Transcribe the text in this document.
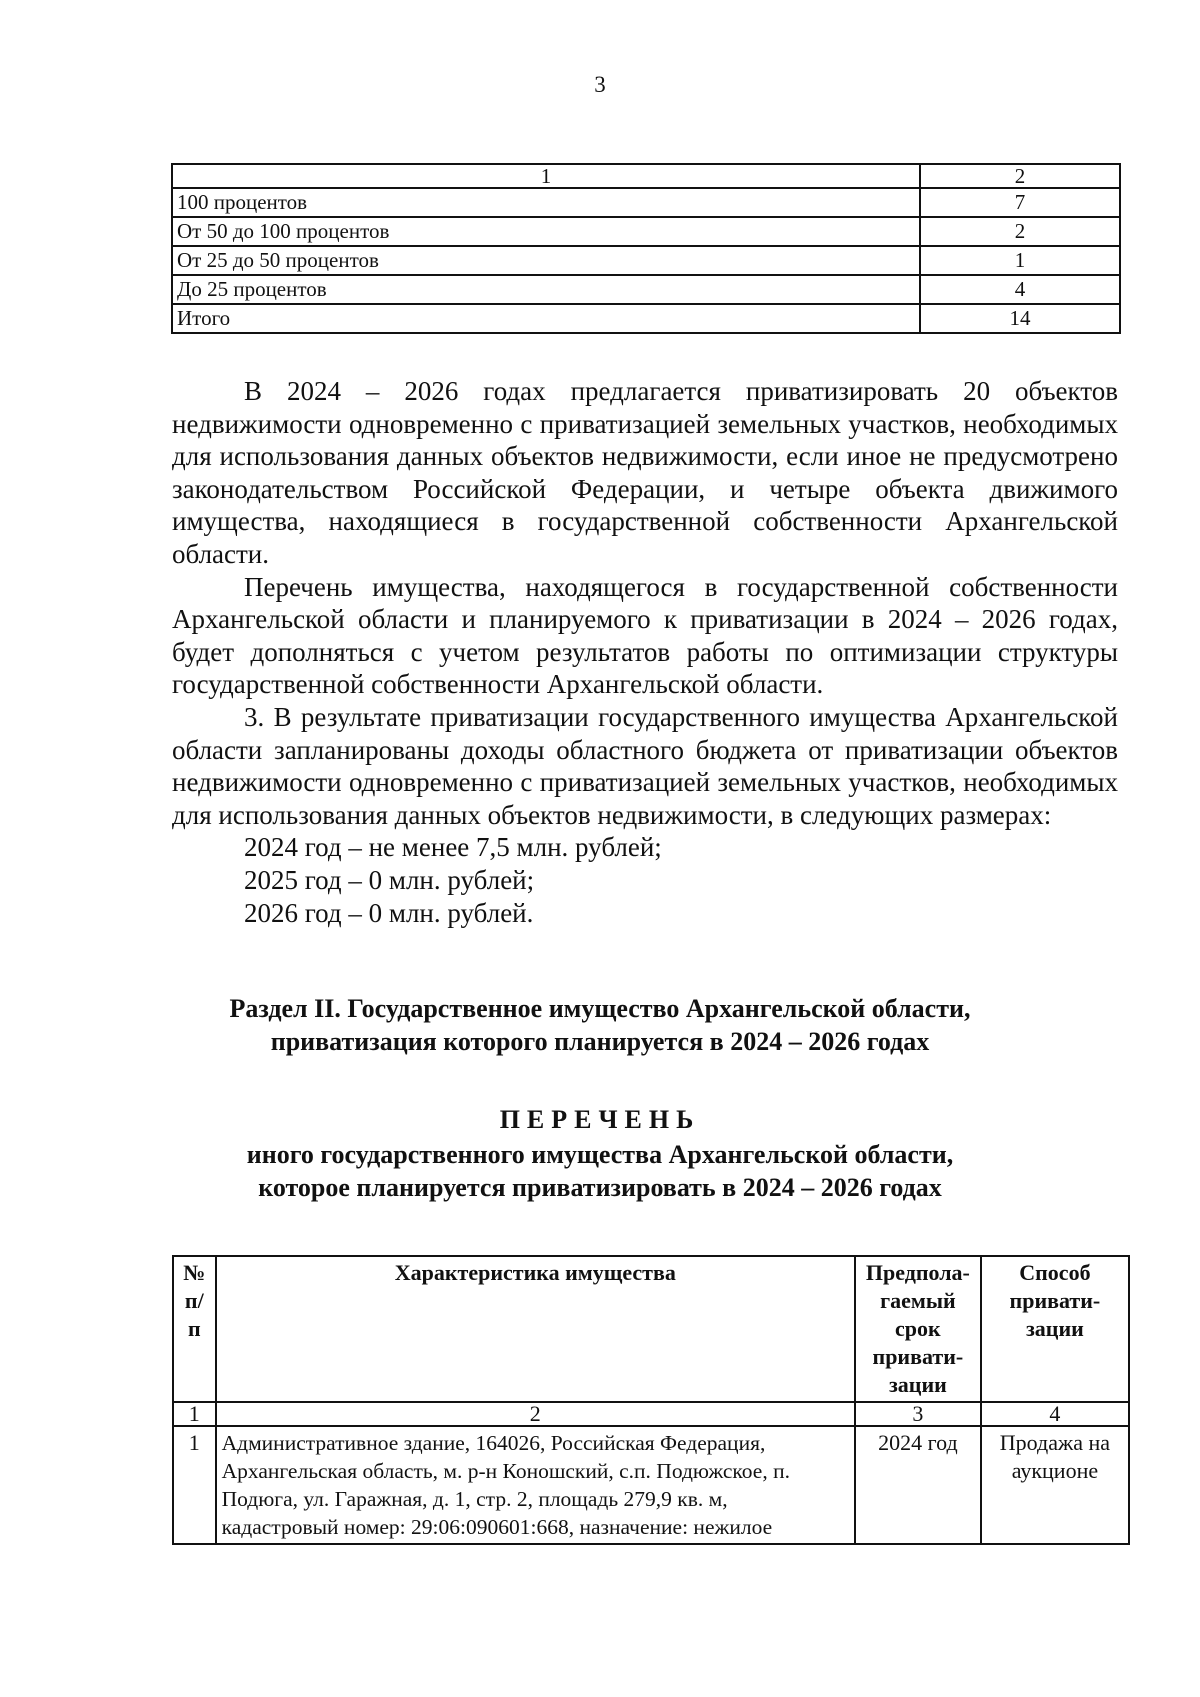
3
1	2
100 процентов	7
От 50 до 100 процентов	2
От 25 до 50 процентов	1
До 25 процентов	4
Итого	14

В 2024 – 2026 годах предлагается приватизировать 20 объектов недвижимости одновременно с приватизацией земельных участков, необходимых для использования данных объектов недвижимости, если иное не предусмотрено законодательством Российской Федерации, и четыре объекта движимого имущества, находящиеся в государственной собственности Архангельской области.

Перечень имущества, находящегося в государственной собственности Архангельской области и планируемого к приватизации в 2024 – 2026 годах, будет дополняться с учетом результатов работы по оптимизации структуры государственной собственности Архангельской области.

3. В результате приватизации государственного имущества Архангельской области запланированы доходы областного бюджета от приватизации объектов недвижимости одновременно с приватизацией земельных участков, необходимых для использования данных объектов недвижимости, в следующих размерах:

2024 год – не менее 7,5 млн. рублей;

2025 год – 0 млн. рублей;

2026 год – 0 млн. рублей.

Раздел II. Государственное имущество Архангельской области,
приватизация которого планируется в 2024 – 2026 годах
ПЕРЕЧЕНЬ
иного государственного имущества Архангельской области,
которое планируется приватизировать в 2024 – 2026 годах
№ п/п	Характеристика имущества	Предпола-гаемый срок привати-зации	Способ привати-зации
1	2	3	4
1	Административное здание, 164026, Российская Федерация, Архангельская область, м. р-н Коношский, с.п. Подюжское, п. Подюга, ул. Гаражная, д. 1, стр. 2, площадь 279,9 кв. м, кадастровый номер: 29:06:090601:668, назначение: нежилое	2024 год	Продажа на аукционе
